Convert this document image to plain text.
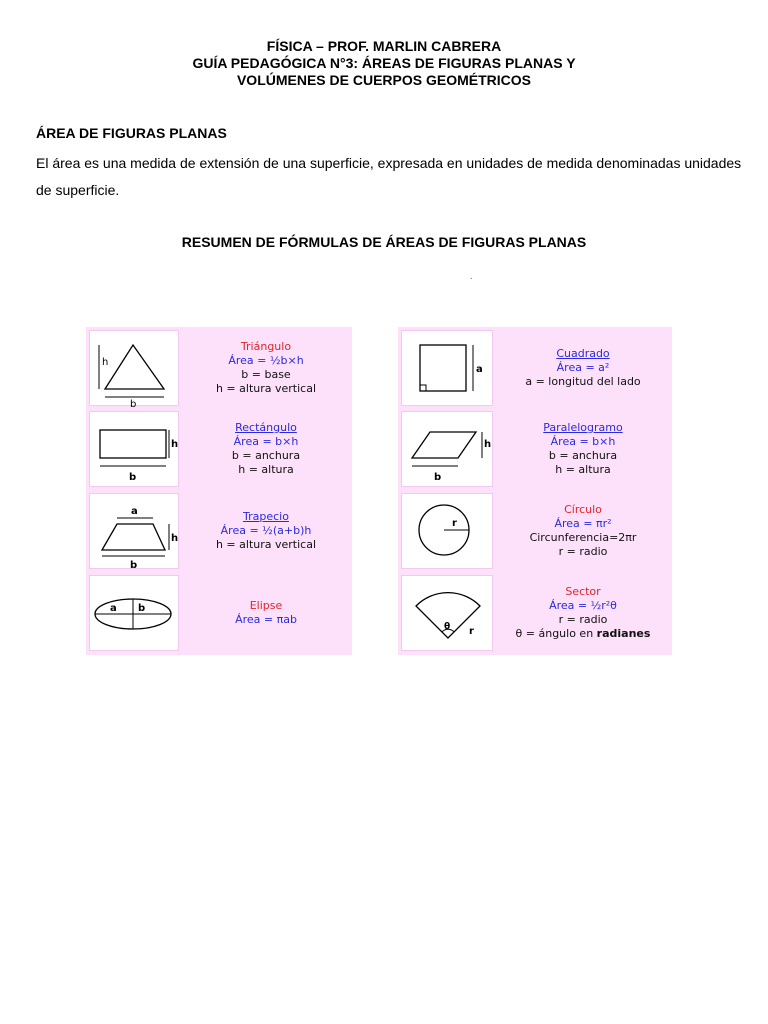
FÍSICA – PROF. MARLIN CABRERA
GUÍA PEDAGÓGICA N°3: ÁREAS DE FIGURAS PLANAS Y
VOLÚMENES DE CUERPOS GEOMÉTRICOS
ÁREA DE FIGURAS PLANAS
El área es una medida de extensión de una superficie, expresada en unidades de medida denominadas unidades de superficie.
RESUMEN DE FÓRMULAS DE ÁREAS DE FIGURAS PLANAS
.
h
b
Triángulo
Área = ½b×h
b = base
h = altura vertical
h
b
Rectángulo
Área = b×h
b = anchura
h = altura
a
h
b
Trapecio
Área = ½(a+b)h
h = altura vertical
a b	Elipse
Área = πab
a
Cuadrado
Área = a²
a = longitud del lado
h
b
Paralelogramo
Área = b×h
b = anchura
h = altura
r
Círculo
Área = πr²
Circunferencia=2πr
r = radio
θ r
Sector
Área = ½r²θ
r = radio
θ = ángulo en radianes
